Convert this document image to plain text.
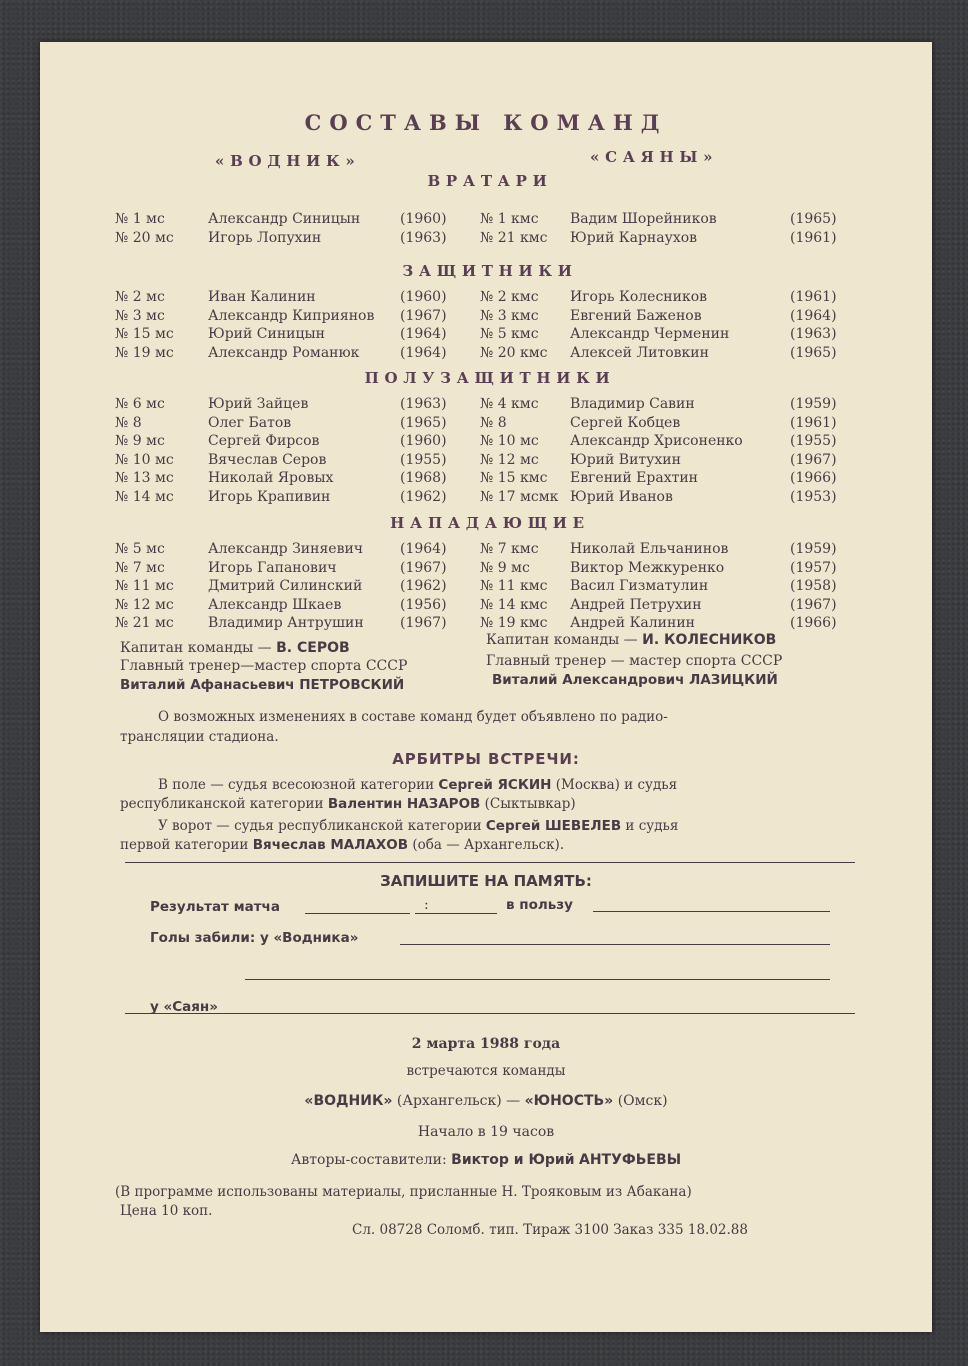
СОСТАВЫ КОМАНД
«ВОДНИК»	«САЯНЫ»
ВРАТАРИ
№ 1 мс	Александр Синицын	(1960) № 1 кмс Вадим Шорейников	(1965)
№ 20 мс Игорь Лопухин	(1963) № 21 кмс Юрий Карнаухов	(1961)
ЗАЩИТНИКИ
№ 2 мс	Иван Калинин	(1960) № 2 кмс Игорь Колесников	(1961)
№ 3 мс	Александр Киприянов (1967) № 3 кмс Евгений Баженов	(1964)
№ 15 мс Юрий Синицын	(1964) № 5 кмс Александр Черменин	(1963)
№ 19 мс Александр Романюк	(1964) № 20 кмс Алексей Литовкин	(1965)
ПОЛУЗАЩИТНИКИ
№ 6 мс	Юрий Зайцев	(1963) № 4 кмс Владимир Савин	(1959)
№ 8	Олег Батов	(1965) № 8	Сергей Кобцев	(1961)
№ 9 мс	Сергей Фирсов	(1960) № 10 мс Александр Хрисоненко	(1955)
№ 10 мс Вячеслав Серов	(1955) № 12 мс Юрий Витухин	(1967)
№ 13 мс Николай Яровых	(1968) № 15 кмс Евгений Ерахтин	(1966)
№ 14 мс Игорь Крапивин	(1962) № 17 мсмк Юрий Иванов	(1953)
НАПАДАЮЩИЕ
№ 5 мс	Александр Зиняевич	(1964) № 7 кмс Николай Ельчанинов	(1959)
№ 7 мс	Игорь Гапанович	(1967) № 9 мс	Виктор Межкуренко	(1957)
№ 11 мс Дмитрий Силинский	(1962) № 11 кмс Васил Гизматулин	(1958)
№ 12 мс Александр Шкаев	(1956) № 14 кмс Андрей Петрухин	(1967)
№ 21 мс Владимир Антрушин	(1967) № 19 кмс Андрей Калинин	(1966)
Капитан команды — В. СЕРОВ	Капитан команды — И. КОЛЕСНИКОВ
Главный тренер—мастер спорта СССР	Главный тренер — мастер спорта СССР
Виталий Афанасьевич ПЕТРОВСКИЙ	Виталий Александрович ЛАЗИЦКИЙ
О возможных изменениях в составе команд будет объявлено по радио-
трансляции стадиона.
АРБИТРЫ ВСТРЕЧИ:
В поле — судья всесоюзной категории Сергей ЯСКИН (Москва) и судья
республиканской категории Валентин НАЗАРОВ (Сыктывкар)
У ворот — судья республиканской категории Сергей ШЕВЕЛЕВ и судья
первой категории Вячеслав МАЛАХОВ (оба — Архангельск).
ЗАПИШИТЕ НА ПАМЯТЬ:
Результат матча	:	в пользу
Голы забили: у «Водника»
у «Саян»
2 марта 1988 года
встречаются команды
«ВОДНИК» (Архангельск) — «ЮНОСТЬ» (Омск)
Начало в 19 часов
Авторы-составители: Виктор и Юрий АНТУФЬЕВЫ
(В программе использованы материалы, присланные Н. Трояковым из Абакана)
Цена 10 коп.
Сл. 08728 Соломб. тип. Тираж 3100 Заказ 335 18.02.88
